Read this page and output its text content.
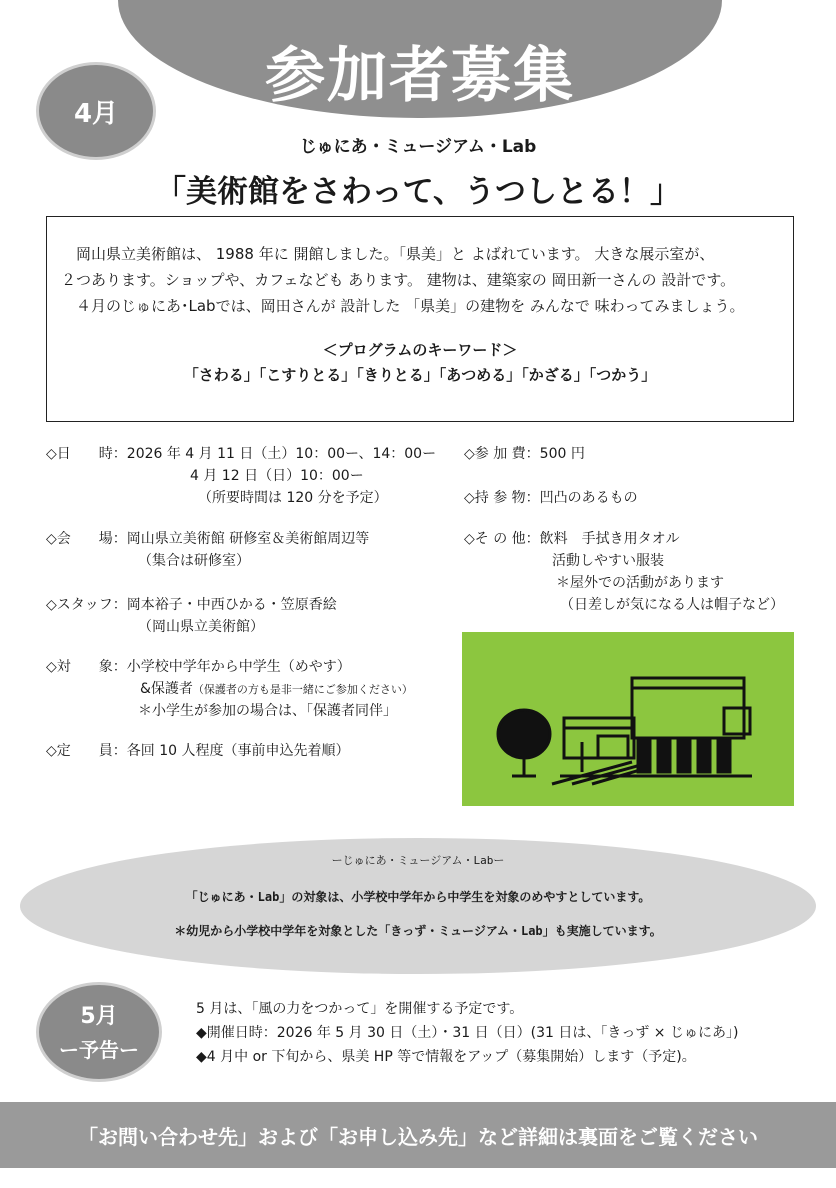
参加者募集
4月
じゅにあ・ミュージアム・Lab
「美術館をさわって、うつしとる！」

岡山県立美術館は、 1988 年に 開館しました。「県美」と よばれています。 大きな展示室が、

２つあります。ショップや、カフェなども あります。 建物は、建築家の 岡田新一さんの 設計です。

４月のじゅにあ･Labでは、岡田さんが 設計した 「県美」の建物を みんなで 味わってみましょう。

＜プログラムのキーワード＞
「さわる」「こすりとる」「きりとる」「あつめる」「かざる」「つかう」
◇日　　時：2026 年 4 月 11 日（土）10：00ー、14：00ー
4 月 12 日（日）10：00ー
（所要時間は 120 分を予定）
◇会　　場：岡山県立美術館 研修室＆美術館周辺等
（集合は研修室）
◇スタッフ：岡本裕子・中西ひかる・笠原香絵
（岡山県立美術館）
◇対　　象：小学校中学年から中学生（めやす）
&保護者（保護者の方も是非一緒にご参加ください）
＊小学生が参加の場合は、「保護者同伴」
◇定　　員：各回 10 人程度（事前申込先着順）
◇参 加 費：500 円
◇持 参 物：凹凸のあるもの
◇そ の 他：飲料　手拭き用タオル
活動しやすい服装
＊屋外での活動があります
（日差しが気になる人は帽子など）
ーじゅにあ・ミュージアム・Labー
「じゅにあ・Lab」の対象は、小学校中学年から中学生を対象のめやすとしています。
＊幼児から小学校中学年を対象とした「きっず・ミュージアム・Lab」も実施しています。
5月
ー予告ー
5 月は、「風の力をつかって」を開催する予定です。
◆開催日時：2026 年 5 月 30 日（土）・31 日（日）(31 日は、「きっず × じゅにあ」)
◆4 月中 or 下旬から、県美 HP 等で情報をアップ（募集開始）します（予定)。
「お問い合わせ先」および「お申し込み先」など詳細は裏面をご覧ください
